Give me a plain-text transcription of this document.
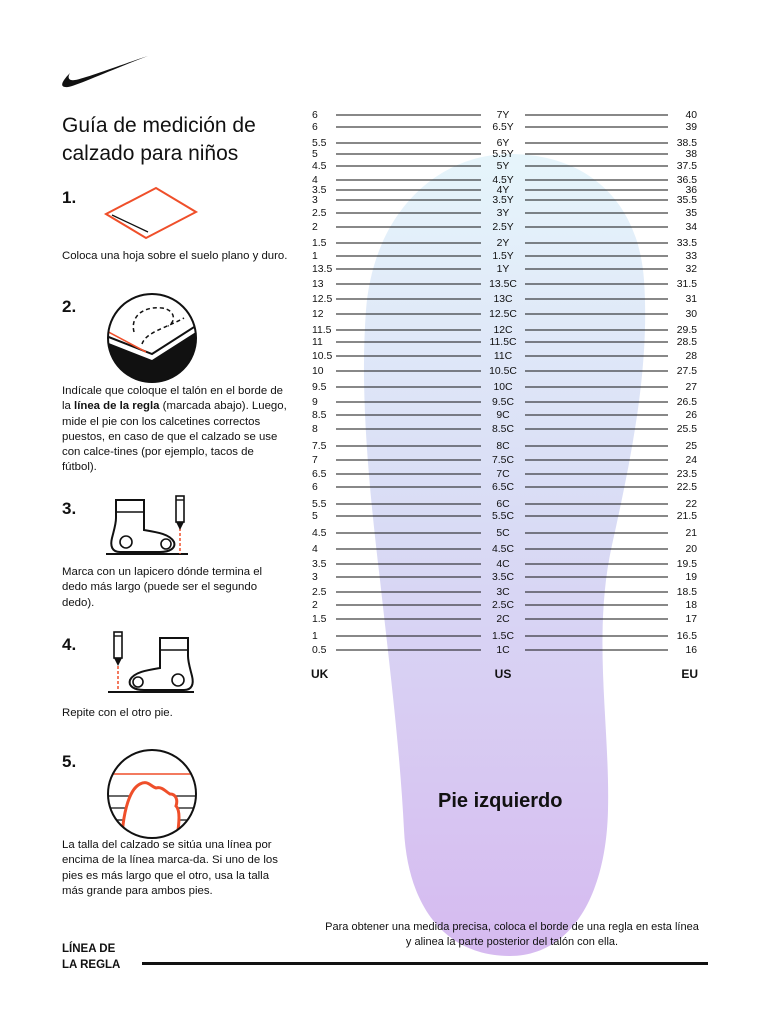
Guía de medición de calzado para niños
1.
Coloca una hoja sobre el suelo plano y duro.
2.
Indícale que coloque el talón en el borde de la línea de la regla (marcada abajo). Luego, mide el pie con los calcetines correctos puestos, en caso de que el calzado se use con calce-tines (por ejemplo, tacos de fútbol).
3.
Marca con un lapicero dónde termina el dedo más largo (puede ser el segundo dedo).
4.
Repite con el otro pie.
5.
La talla del calzado se sitúa una línea por encima de la línea marca-da. Si uno de los pies es más largo que el otro, usa la talla más grande para ambos pies.
6	7Y	40
6	6.5Y	39
5.5	6Y	38.5
5	5.5Y	38
4.5	5Y	37.5
4	4.5Y	36.5
3.5	4Y	36
3	3.5Y	35.5
2.5	3Y	35
2	2.5Y	34
1.5	2Y	33.5
1	1.5Y	33
13.5	1Y	32
13	13.5C	31.5
12.5	13C	31
12	12.5C	30
11.5	12C	29.5
11	11.5C	28.5
10.5	11C	28
10	10.5C	27.5
9.5	10C	27
9	9.5C	26.5
8.5	9C	26
8	8.5C	25.5
7.5	8C	25
7	7.5C	24
6.5	7C	23.5
6	6.5C	22.5
5.5	6C	22
5	5.5C	21.5
4.5	5C	21
4	4.5C	20
3.5	4C	19.5
3	3.5C	19
2.5	3C	18.5
2	2.5C	18
1.5	2C	17
1	1.5C	16.5
0.5	1C	16
UK	US	EU
Pie izquierdo
Para obtener una medida precisa, coloca el borde de una regla en esta línea y alinea la parte posterior del talón con ella.
LÍNEA DE
LA REGLA
